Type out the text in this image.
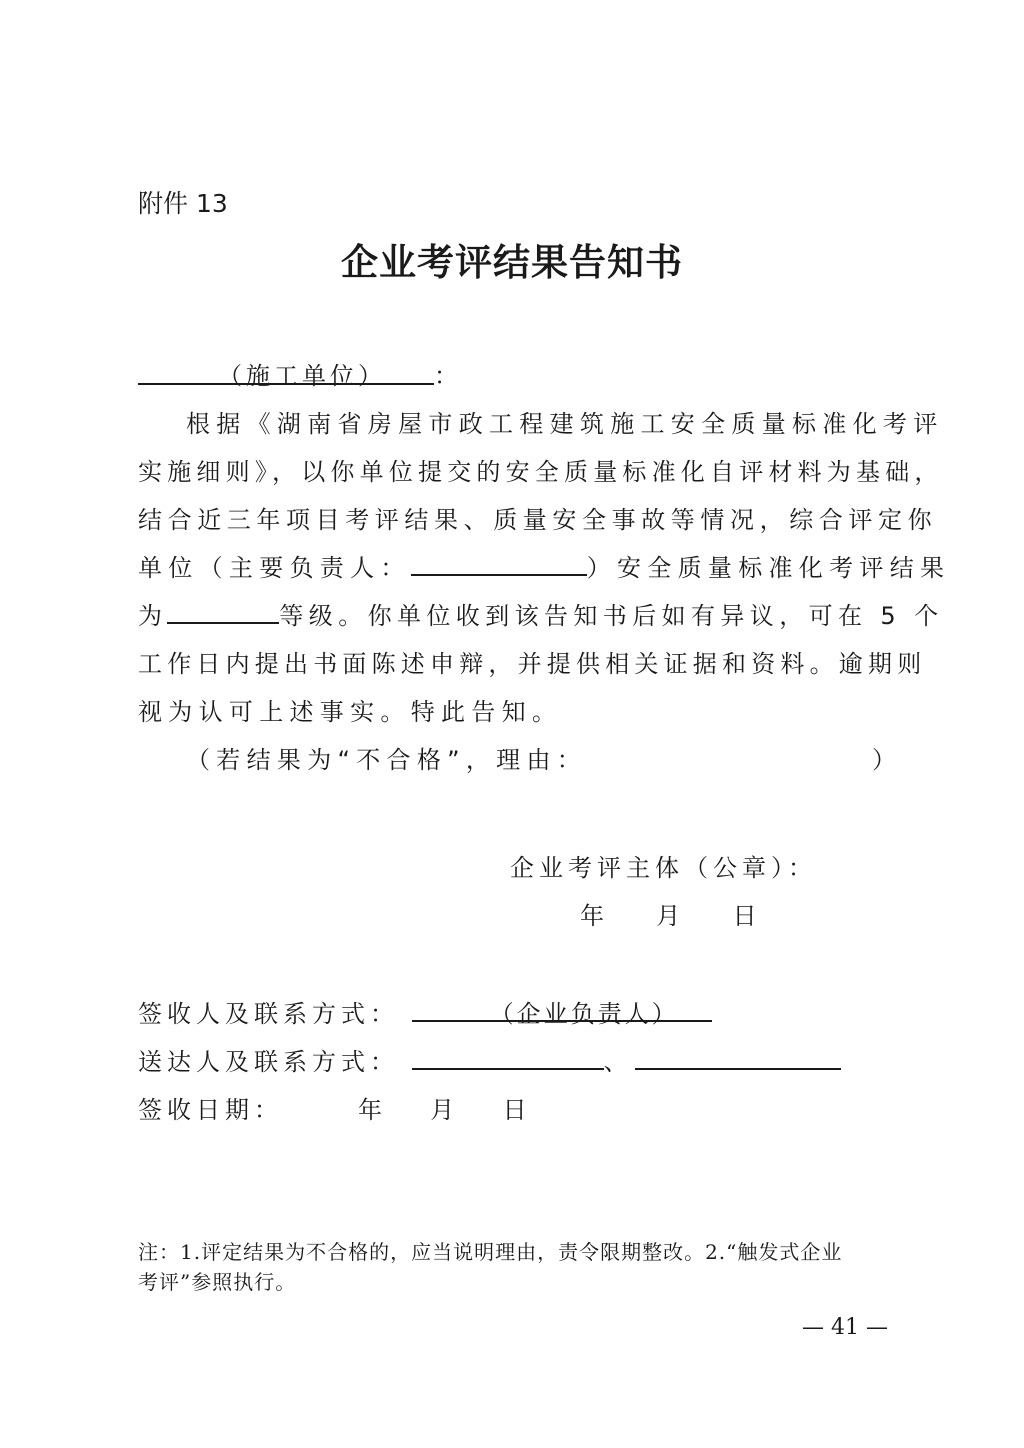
附件 13
企业考评结果告知书
（施工单位） ：
根据《湖南省房屋市政工程建筑施工安全质量标准化考评
实施细则》，以你单位提交的安全质量标准化自评材料为基础，
结合近三年项目考评结果、质量安全事故等情况，综合评定你
单位（主要负责人：	）安全质量标准化考评结果
为	等级。你单位收到该告知书后如有异议，可在 5 个
工作日内提出书面陈述申辩，并提供相关证据和资料。逾期则
视为认可上述事实。特此告知。
（若结果为“不合格”，理由：	）
企业考评主体（公章）：
年 月 日
签收人及联系方式：	（企业负责人）
送达人及联系方式：	、
签收日期：	年 月 日
注：1.评定结果为不合格的，应当说明理由，责令限期整改。2.“触发式企业
考评”参照执行。
— 41 —
